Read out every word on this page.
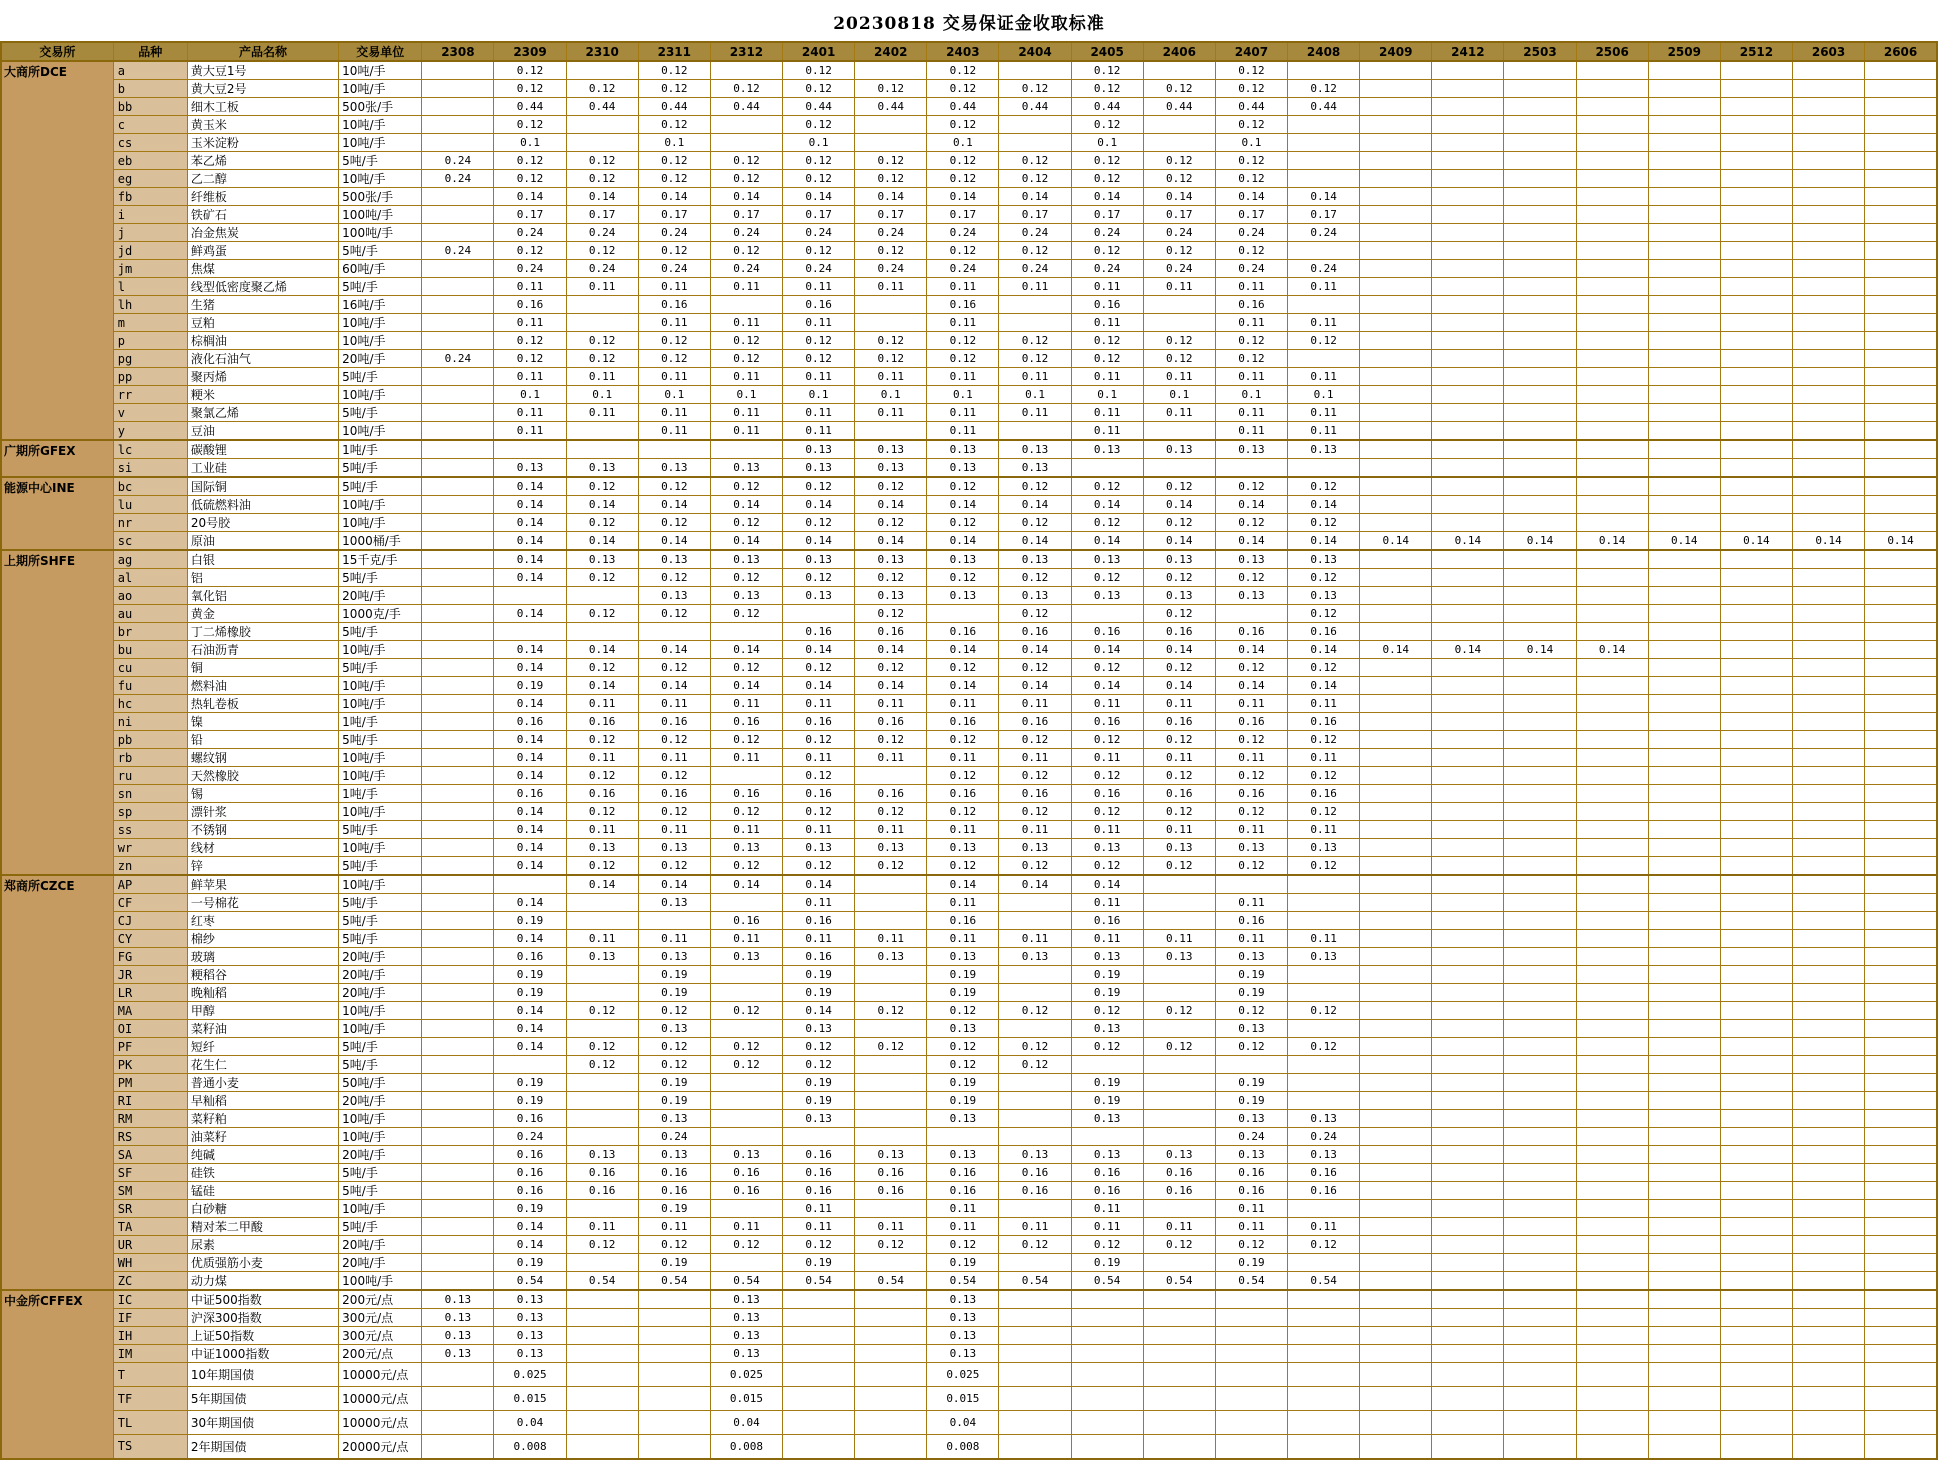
20230818 交易保证金收取标准
交易所	品种	产品名称	交易单位	2308	2309	2310	2311	2312	2401	2402	2403	2404	2405	2406	2407	2408	2409	2412	2503	2506	2509	2512	2603	2606
大商所DCE	a	黄大豆1号	10吨/手		0.12		0.12		0.12		0.12		0.12		0.12									
	b	黄大豆2号	10吨/手		0.12	0.12	0.12	0.12	0.12	0.12	0.12	0.12	0.12	0.12	0.12	0.12								
	bb	细木工板	500张/手		0.44	0.44	0.44	0.44	0.44	0.44	0.44	0.44	0.44	0.44	0.44	0.44								
	c	黄玉米	10吨/手		0.12		0.12		0.12		0.12		0.12		0.12									
	cs	玉米淀粉	10吨/手		0.1		0.1		0.1		0.1		0.1		0.1									
	eb	苯乙烯	5吨/手	0.24	0.12	0.12	0.12	0.12	0.12	0.12	0.12	0.12	0.12	0.12	0.12									
	eg	乙二醇	10吨/手	0.24	0.12	0.12	0.12	0.12	0.12	0.12	0.12	0.12	0.12	0.12	0.12									
	fb	纤维板	500张/手		0.14	0.14	0.14	0.14	0.14	0.14	0.14	0.14	0.14	0.14	0.14	0.14								
	i	铁矿石	100吨/手		0.17	0.17	0.17	0.17	0.17	0.17	0.17	0.17	0.17	0.17	0.17	0.17								
	j	冶金焦炭	100吨/手		0.24	0.24	0.24	0.24	0.24	0.24	0.24	0.24	0.24	0.24	0.24	0.24								
	jd	鲜鸡蛋	5吨/手	0.24	0.12	0.12	0.12	0.12	0.12	0.12	0.12	0.12	0.12	0.12	0.12									
	jm	焦煤	60吨/手		0.24	0.24	0.24	0.24	0.24	0.24	0.24	0.24	0.24	0.24	0.24	0.24								
	l	线型低密度聚乙烯	5吨/手		0.11	0.11	0.11	0.11	0.11	0.11	0.11	0.11	0.11	0.11	0.11	0.11								
	lh	生猪	16吨/手		0.16		0.16		0.16		0.16		0.16		0.16									
	m	豆粕	10吨/手		0.11		0.11	0.11	0.11		0.11		0.11		0.11	0.11								
	p	棕榈油	10吨/手		0.12	0.12	0.12	0.12	0.12	0.12	0.12	0.12	0.12	0.12	0.12	0.12								
	pg	液化石油气	20吨/手	0.24	0.12	0.12	0.12	0.12	0.12	0.12	0.12	0.12	0.12	0.12	0.12									
	pp	聚丙烯	5吨/手		0.11	0.11	0.11	0.11	0.11	0.11	0.11	0.11	0.11	0.11	0.11	0.11								
	rr	粳米	10吨/手		0.1	0.1	0.1	0.1	0.1	0.1	0.1	0.1	0.1	0.1	0.1	0.1								
	v	聚氯乙烯	5吨/手		0.11	0.11	0.11	0.11	0.11	0.11	0.11	0.11	0.11	0.11	0.11	0.11								
	y	豆油	10吨/手		0.11		0.11	0.11	0.11		0.11		0.11		0.11	0.11								
广期所GFEX	lc	碳酸锂	1吨/手						0.13	0.13	0.13	0.13	0.13	0.13	0.13	0.13								
	si	工业硅	5吨/手		0.13	0.13	0.13	0.13	0.13	0.13	0.13	0.13												
能源中心INE	bc	国际铜	5吨/手		0.14	0.12	0.12	0.12	0.12	0.12	0.12	0.12	0.12	0.12	0.12	0.12								
	lu	低硫燃料油	10吨/手		0.14	0.14	0.14	0.14	0.14	0.14	0.14	0.14	0.14	0.14	0.14	0.14								
	nr	20号胶	10吨/手		0.14	0.12	0.12	0.12	0.12	0.12	0.12	0.12	0.12	0.12	0.12	0.12								
	sc	原油	1000桶/手		0.14	0.14	0.14	0.14	0.14	0.14	0.14	0.14	0.14	0.14	0.14	0.14	0.14	0.14	0.14	0.14	0.14	0.14	0.14	0.14
上期所SHFE	ag	白银	15千克/手		0.14	0.13	0.13	0.13	0.13	0.13	0.13	0.13	0.13	0.13	0.13	0.13								
	al	铝	5吨/手		0.14	0.12	0.12	0.12	0.12	0.12	0.12	0.12	0.12	0.12	0.12	0.12								
	ao	氧化铝	20吨/手				0.13	0.13	0.13	0.13	0.13	0.13	0.13	0.13	0.13	0.13								
	au	黄金	1000克/手		0.14	0.12	0.12	0.12		0.12		0.12		0.12		0.12								
	br	丁二烯橡胶	5吨/手						0.16	0.16	0.16	0.16	0.16	0.16	0.16	0.16								
	bu	石油沥青	10吨/手		0.14	0.14	0.14	0.14	0.14	0.14	0.14	0.14	0.14	0.14	0.14	0.14	0.14	0.14	0.14	0.14				
	cu	铜	5吨/手		0.14	0.12	0.12	0.12	0.12	0.12	0.12	0.12	0.12	0.12	0.12	0.12								
	fu	燃料油	10吨/手		0.19	0.14	0.14	0.14	0.14	0.14	0.14	0.14	0.14	0.14	0.14	0.14								
	hc	热轧卷板	10吨/手		0.14	0.11	0.11	0.11	0.11	0.11	0.11	0.11	0.11	0.11	0.11	0.11								
	ni	镍	1吨/手		0.16	0.16	0.16	0.16	0.16	0.16	0.16	0.16	0.16	0.16	0.16	0.16								
	pb	铅	5吨/手		0.14	0.12	0.12	0.12	0.12	0.12	0.12	0.12	0.12	0.12	0.12	0.12								
	rb	螺纹钢	10吨/手		0.14	0.11	0.11	0.11	0.11	0.11	0.11	0.11	0.11	0.11	0.11	0.11								
	ru	天然橡胶	10吨/手		0.14	0.12	0.12		0.12		0.12	0.12	0.12	0.12	0.12	0.12								
	sn	锡	1吨/手		0.16	0.16	0.16	0.16	0.16	0.16	0.16	0.16	0.16	0.16	0.16	0.16								
	sp	漂针浆	10吨/手		0.14	0.12	0.12	0.12	0.12	0.12	0.12	0.12	0.12	0.12	0.12	0.12								
	ss	不锈钢	5吨/手		0.14	0.11	0.11	0.11	0.11	0.11	0.11	0.11	0.11	0.11	0.11	0.11								
	wr	线材	10吨/手		0.14	0.13	0.13	0.13	0.13	0.13	0.13	0.13	0.13	0.13	0.13	0.13								
	zn	锌	5吨/手		0.14	0.12	0.12	0.12	0.12	0.12	0.12	0.12	0.12	0.12	0.12	0.12								
郑商所CZCE	AP	鲜苹果	10吨/手			0.14	0.14	0.14	0.14		0.14	0.14	0.14											
	CF	一号棉花	5吨/手		0.14		0.13		0.11		0.11		0.11		0.11									
	CJ	红枣	5吨/手		0.19			0.16	0.16		0.16		0.16		0.16									
	CY	棉纱	5吨/手		0.14	0.11	0.11	0.11	0.11	0.11	0.11	0.11	0.11	0.11	0.11	0.11								
	FG	玻璃	20吨/手		0.16	0.13	0.13	0.13	0.16	0.13	0.13	0.13	0.13	0.13	0.13	0.13								
	JR	粳稻谷	20吨/手		0.19		0.19		0.19		0.19		0.19		0.19									
	LR	晚籼稻	20吨/手		0.19		0.19		0.19		0.19		0.19		0.19									
	MA	甲醇	10吨/手		0.14	0.12	0.12	0.12	0.14	0.12	0.12	0.12	0.12	0.12	0.12	0.12								
	OI	菜籽油	10吨/手		0.14		0.13		0.13		0.13		0.13		0.13									
	PF	短纤	5吨/手		0.14	0.12	0.12	0.12	0.12	0.12	0.12	0.12	0.12	0.12	0.12	0.12								
	PK	花生仁	5吨/手			0.12	0.12	0.12	0.12		0.12	0.12												
	PM	普通小麦	50吨/手		0.19		0.19		0.19		0.19		0.19		0.19									
	RI	早籼稻	20吨/手		0.19		0.19		0.19		0.19		0.19		0.19									
	RM	菜籽粕	10吨/手		0.16		0.13		0.13		0.13		0.13		0.13	0.13								
	RS	油菜籽	10吨/手		0.24		0.24								0.24	0.24								
	SA	纯碱	20吨/手		0.16	0.13	0.13	0.13	0.16	0.13	0.13	0.13	0.13	0.13	0.13	0.13								
	SF	硅铁	5吨/手		0.16	0.16	0.16	0.16	0.16	0.16	0.16	0.16	0.16	0.16	0.16	0.16								
	SM	锰硅	5吨/手		0.16	0.16	0.16	0.16	0.16	0.16	0.16	0.16	0.16	0.16	0.16	0.16								
	SR	白砂糖	10吨/手		0.19		0.19		0.11		0.11		0.11		0.11									
	TA	精对苯二甲酸	5吨/手		0.14	0.11	0.11	0.11	0.11	0.11	0.11	0.11	0.11	0.11	0.11	0.11								
	UR	尿素	20吨/手		0.14	0.12	0.12	0.12	0.12	0.12	0.12	0.12	0.12	0.12	0.12	0.12								
	WH	优质强筋小麦	20吨/手		0.19		0.19		0.19		0.19		0.19		0.19									
	ZC	动力煤	100吨/手		0.54	0.54	0.54	0.54	0.54	0.54	0.54	0.54	0.54	0.54	0.54	0.54								
中金所CFFEX	IC	中证500指数	200元/点	0.13	0.13			0.13			0.13													
	IF	沪深300指数	300元/点	0.13	0.13			0.13			0.13													
	IH	上证50指数	300元/点	0.13	0.13			0.13			0.13													
	IM	中证1000指数	200元/点	0.13	0.13			0.13			0.13													
	T	10年期国债	10000元/点		0.025			0.025			0.025													
	TF	5年期国债	10000元/点		0.015			0.015			0.015													
	TL	30年期国债	10000元/点		0.04			0.04			0.04													
	TS	2年期国债	20000元/点		0.008			0.008			0.008													
